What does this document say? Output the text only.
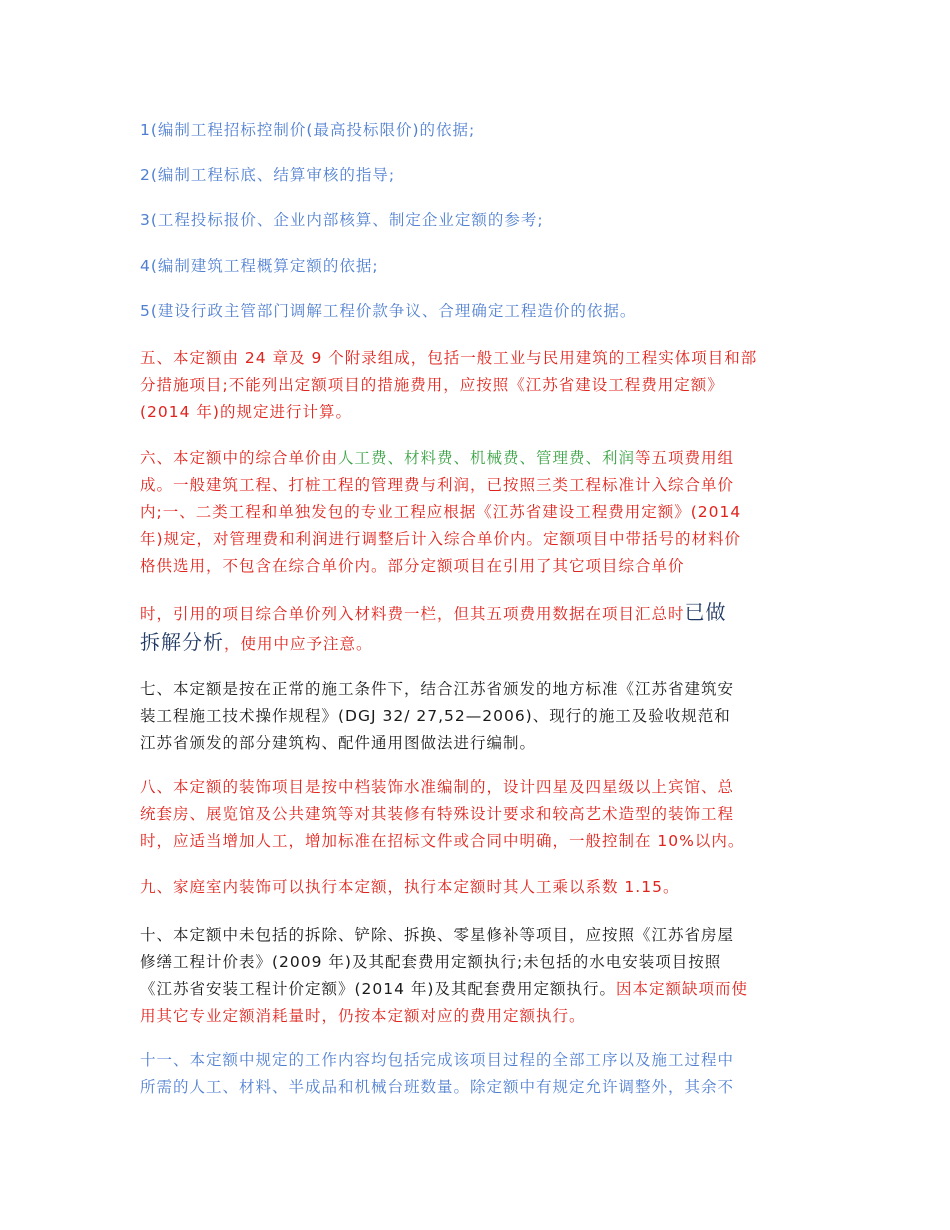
1(编制工程招标控制价(最高投标限价)的依据;

2(编制工程标底、结算审核的指导;

3(工程投标报价、企业内部核算、制定企业定额的参考;

4(编制建筑工程概算定额的依据;

5(建设行政主管部门调解工程价款争议、合理确定工程造价的依据。

五、本定额由 24 章及 9 个附录组成，包括一般工业与民用建筑的工程实体项目和部
分措施项目;不能列出定额项目的措施费用，应按照《江苏省建设工程费用定额》
(2014 年)的规定进行计算。
六、本定额中的综合单价由人工费、材料费、机械费、管理费、利润等五项费用组
成。一般建筑工程、打桩工程的管理费与利润，已按照三类工程标准计入综合单价
内;一、二类工程和单独发包的专业工程应根据《江苏省建设工程费用定额》(2014
年)规定，对管理费和利润进行调整后计入综合单价内。定额项目中带括号的材料价
格供选用，不包含在综合单价内。部分定额项目在引用了其它项目综合单价
时，引用的项目综合单价列入材料费一栏，但其五项费用数据在项目汇总时已做
拆解分析，使用中应予注意。
七、本定额是按在正常的施工条件下，结合江苏省颁发的地方标准《江苏省建筑安
装工程施工技术操作规程》(DGJ 32/ 27,52—2006)、现行的施工及验收规范和
江苏省颁发的部分建筑构、配件通用图做法进行编制。
八、本定额的装饰项目是按中档装饰水准编制的，设计四星及四星级以上宾馆、总
统套房、展览馆及公共建筑等对其装修有特殊设计要求和较高艺术造型的装饰工程
时，应适当增加人工，增加标准在招标文件或合同中明确，一般控制在 10%以内。

九、家庭室内装饰可以执行本定额，执行本定额时其人工乘以系数 1.15。

十、本定额中未包括的拆除、铲除、拆换、零星修补等项目，应按照《江苏省房屋
修缮工程计价表》(2009 年)及其配套费用定额执行;未包括的水电安装项目按照
《江苏省安装工程计价定额》(2014 年)及其配套费用定额执行。因本定额缺项而使
用其它专业定额消耗量时，仍按本定额对应的费用定额执行。
十一、本定额中规定的工作内容均包括完成该项目过程的全部工序以及施工过程中
所需的人工、材料、半成品和机械台班数量。除定额中有规定允许调整外，其余不
